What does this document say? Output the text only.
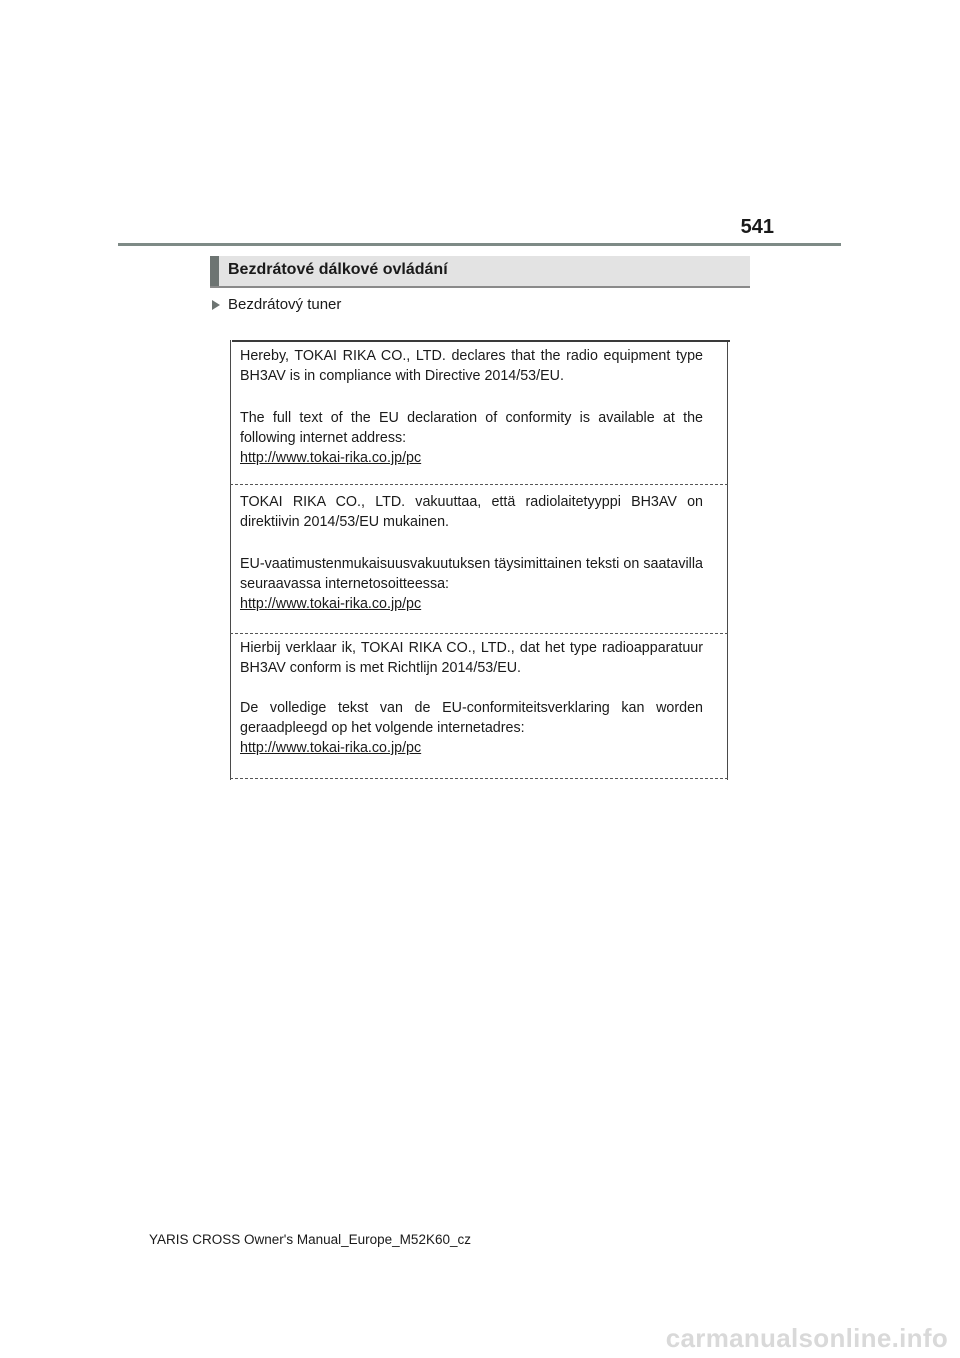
541
Bezdrátové dálkové ovládání
Bezdrátový tuner
Hereby, TOKAI RIKA CO., LTD. declares that the radio equipment type BH3AV is in compliance with Directive 2014/53/EU.
The full text of the EU declaration of conformity is available at the following internet address:
http://www.tokai-rika.co.jp/pc
TOKAI RIKA CO., LTD. vakuuttaa, että radiolaitetyyppi BH3AV on direktiivin 2014/53/EU mukainen.
EU-vaatimustenmukaisuusvakuutuksen täysimittainen teksti on saatavilla seuraavassa internetosoitteessa:
http://www.tokai-rika.co.jp/pc
Hierbij verklaar ik, TOKAI RIKA CO., LTD., dat het type radioapparatuur BH3AV conform is met Richtlijn 2014/53/EU.
De volledige tekst van de EU-conformiteitsverklaring kan worden geraadpleegd op het volgende internetadres:
http://www.tokai-rika.co.jp/pc
YARIS CROSS Owner's Manual_Europe_M52K60_cz
carmanualsonline.info
